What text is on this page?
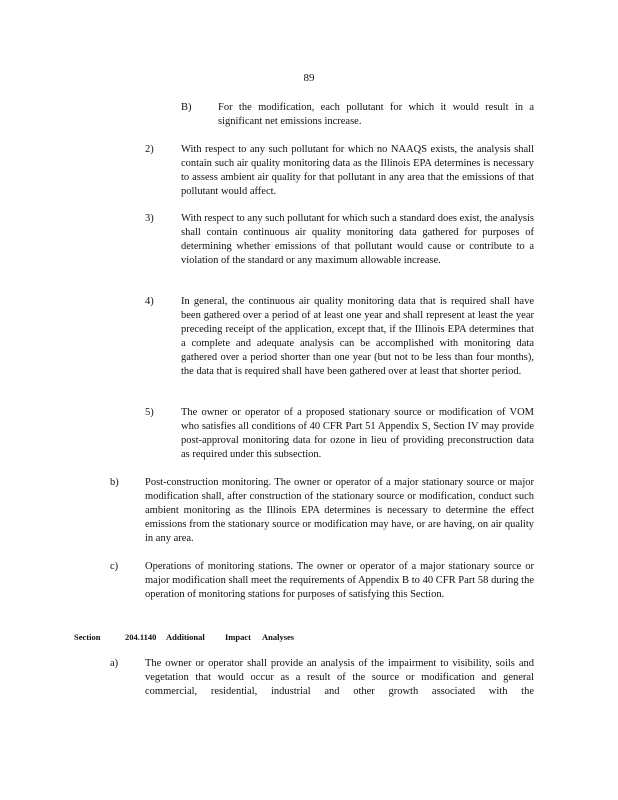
89
B)	For the modification, each pollutant for which it would result in a significant net emissions increase.
2)	With respect to any such pollutant for which no NAAQS exists, the analysis shall contain such air quality monitoring data as the Illinois EPA determines is necessary to assess ambient air quality for that pollutant in any area that the emissions of that pollutant would affect.
3)	With respect to any such pollutant for which such a standard does exist, the analysis shall contain continuous air quality monitoring data gathered for purposes of determining whether emissions of that pollutant would cause or contribute to a violation of the standard or any maximum allowable increase.
4)	In general, the continuous air quality monitoring data that is required shall have been gathered over a period of at least one year and shall represent at least the year preceding receipt of the application, except that, if the Illinois EPA determines that a complete and adequate analysis can be accomplished with monitoring data gathered over a period shorter than one year (but not to be less than four months), the data that is required shall have been gathered over at least that shorter period.
5)	The owner or operator of a proposed stationary source or modification of VOM who satisfies all conditions of 40 CFR Part 51 Appendix S, Section IV may provide post-approval monitoring data for ozone in lieu of providing preconstruction data as required under this subsection.
b)	Post-construction monitoring. The owner or operator of a major stationary source or major modification shall, after construction of the stationary source or modification, conduct such ambient monitoring as the Illinois EPA determines is necessary to determine the effect emissions from the stationary source or modification may have, or are having, on air quality in any area.
c)	Operations of monitoring stations. The owner or operator of a major stationary source or major modification shall meet the requirements of Appendix B to 40 CFR Part 58 during the operation of monitoring stations for purposes of satisfying this Section.
Section	204.1140 Additional Impact Analyses
a)	The owner or operator shall provide an analysis of the impairment to visibility, soils and vegetation that would occur as a result of the source or modification and general commercial, residential, industrial and other growth associated with the
